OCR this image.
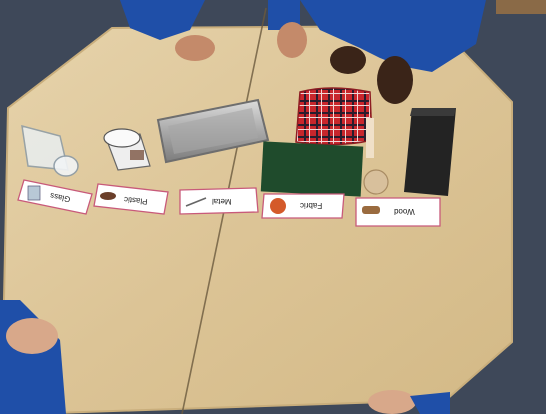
Glass	Plastic	Metal	Fabric
Wood
